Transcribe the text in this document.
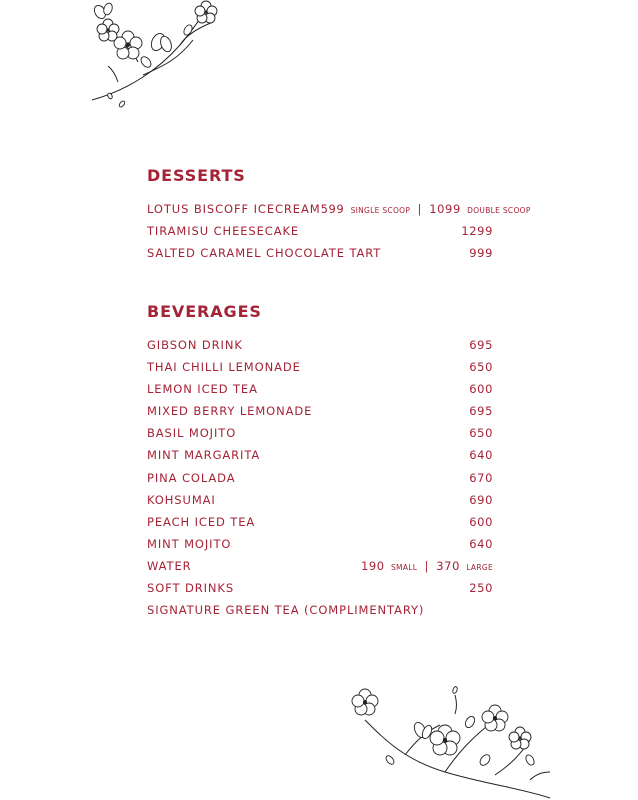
DESSERTS
LOTUS BISCOFF ICECREAM 599 SINGLE SCOOP | 1099 DOUBLE SCOOP
TIRAMISU CHEESECAKE	1299
SALTED CARAMEL CHOCOLATE TART	999
BEVERAGES
GIBSON DRINK	695
THAI CHILLI LEMONADE	650
LEMON ICED TEA	600
MIXED BERRY LEMONADE	695
BASIL MOJITO	650
MINT MARGARITA	640
PINA COLADA	670
KOHSUMAI	690
PEACH ICED TEA	600
MINT MOJITO	640
WATER	190 SMALL | 370 LARGE
SOFT DRINKS	250
SIGNATURE GREEN TEA (COMPLIMENTARY)
